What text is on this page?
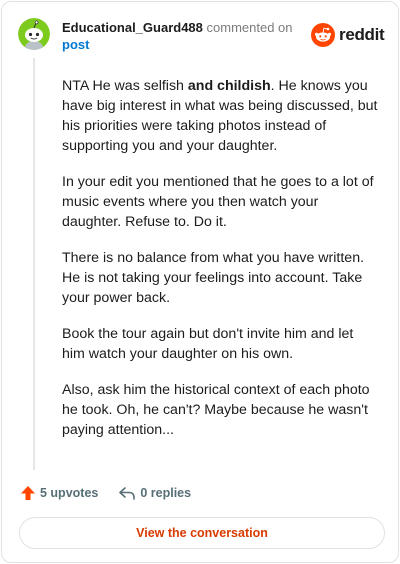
Educational_Guard488 commented on
post
reddit

NTA He was selfish and childish. He knows you have big interest in what was being discussed, but his priorities were taking photos instead of supporting you and your daughter.

In your edit you mentioned that he goes to a lot of music events where you then watch your daughter. Refuse to. Do it.

There is no balance from what you have written. He is not taking your feelings into account. Take your power back.

Book the tour again but don't invite him and let him watch your daughter on his own.

Also, ask him the historical context of each photo he took. Oh, he can't? Maybe because he wasn't paying attention...

5 upvotes	0 replies
View the conversation
